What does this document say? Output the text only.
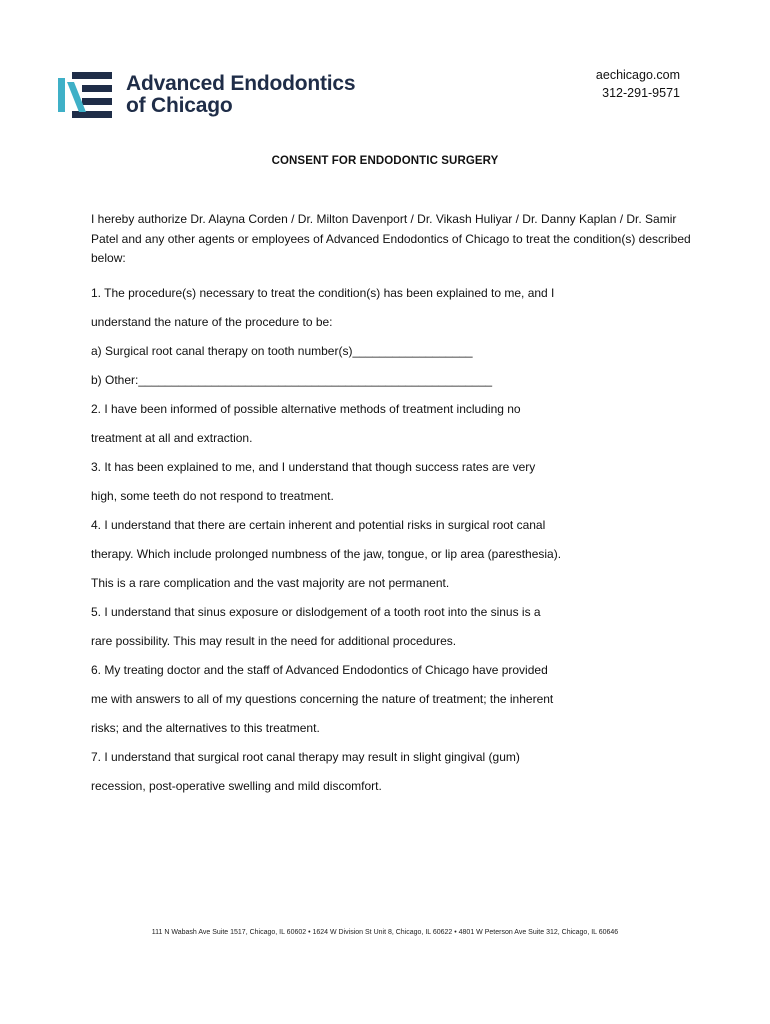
Advanced Endodontics
of Chicago
aechicago.com
312-291-9571
CONSENT FOR ENDODONTIC SURGERY
I hereby authorize Dr. Alayna Corden / Dr. Milton Davenport / Dr. Vikash Huliyar / Dr. Danny Kaplan / Dr. Samir Patel and any other agents or employees of Advanced Endodontics of Chicago to treat the condition(s) described below:
1. The procedure(s) necessary to treat the condition(s) has been explained to me, and I
understand the nature of the procedure to be:
a) Surgical root canal therapy on tooth number(s)__________________
b) Other:_____________________________________________________
2. I have been informed of possible alternative methods of treatment including no
treatment at all and extraction.
3. It has been explained to me, and I understand that though success rates are very
high, some teeth do not respond to treatment.
4. I understand that there are certain inherent and potential risks in surgical root canal
therapy. Which include prolonged numbness of the jaw, tongue, or lip area (paresthesia).
This is a rare complication and the vast majority are not permanent.
5. I understand that sinus exposure or dislodgement of a tooth root into the sinus is a
rare possibility. This may result in the need for additional procedures.
6. My treating doctor and the staff of Advanced Endodontics of Chicago have provided
me with answers to all of my questions concerning the nature of treatment; the inherent
risks; and the alternatives to this treatment.
7. I understand that surgical root canal therapy may result in slight gingival (gum)
recession, post-operative swelling and mild discomfort.
111 N Wabash Ave Suite 1517, Chicago, IL 60602 • 1624 W Division St Unit 8, Chicago, IL 60622 • 4801 W Peterson Ave Suite 312, Chicago, IL 60646
